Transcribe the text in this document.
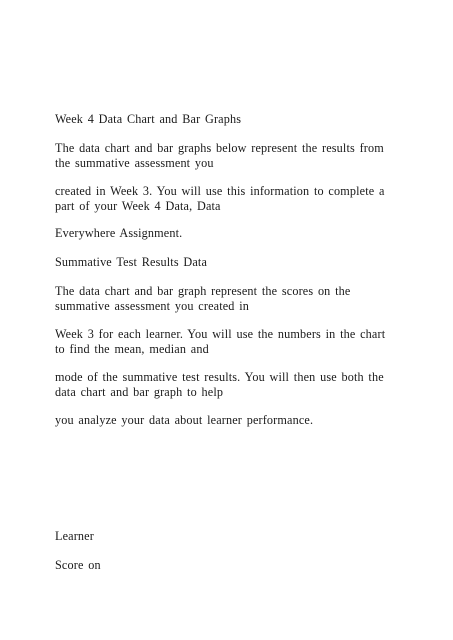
Week 4 Data Chart and Bar Graphs

The data chart and bar graphs below represent the results from
the summative assessment you

created in Week 3. You will use this information to complete a
part of your Week 4 Data, Data

Everywhere Assignment.

Summative Test Results Data

The data chart and bar graph represent the scores on the
summative assessment you created in

Week 3 for each learner. You will use the numbers in the chart
to find the mean, median and

mode of the summative test results. You will then use both the
data chart and bar graph to help

you analyze your data about learner performance.

Learner

Score on
